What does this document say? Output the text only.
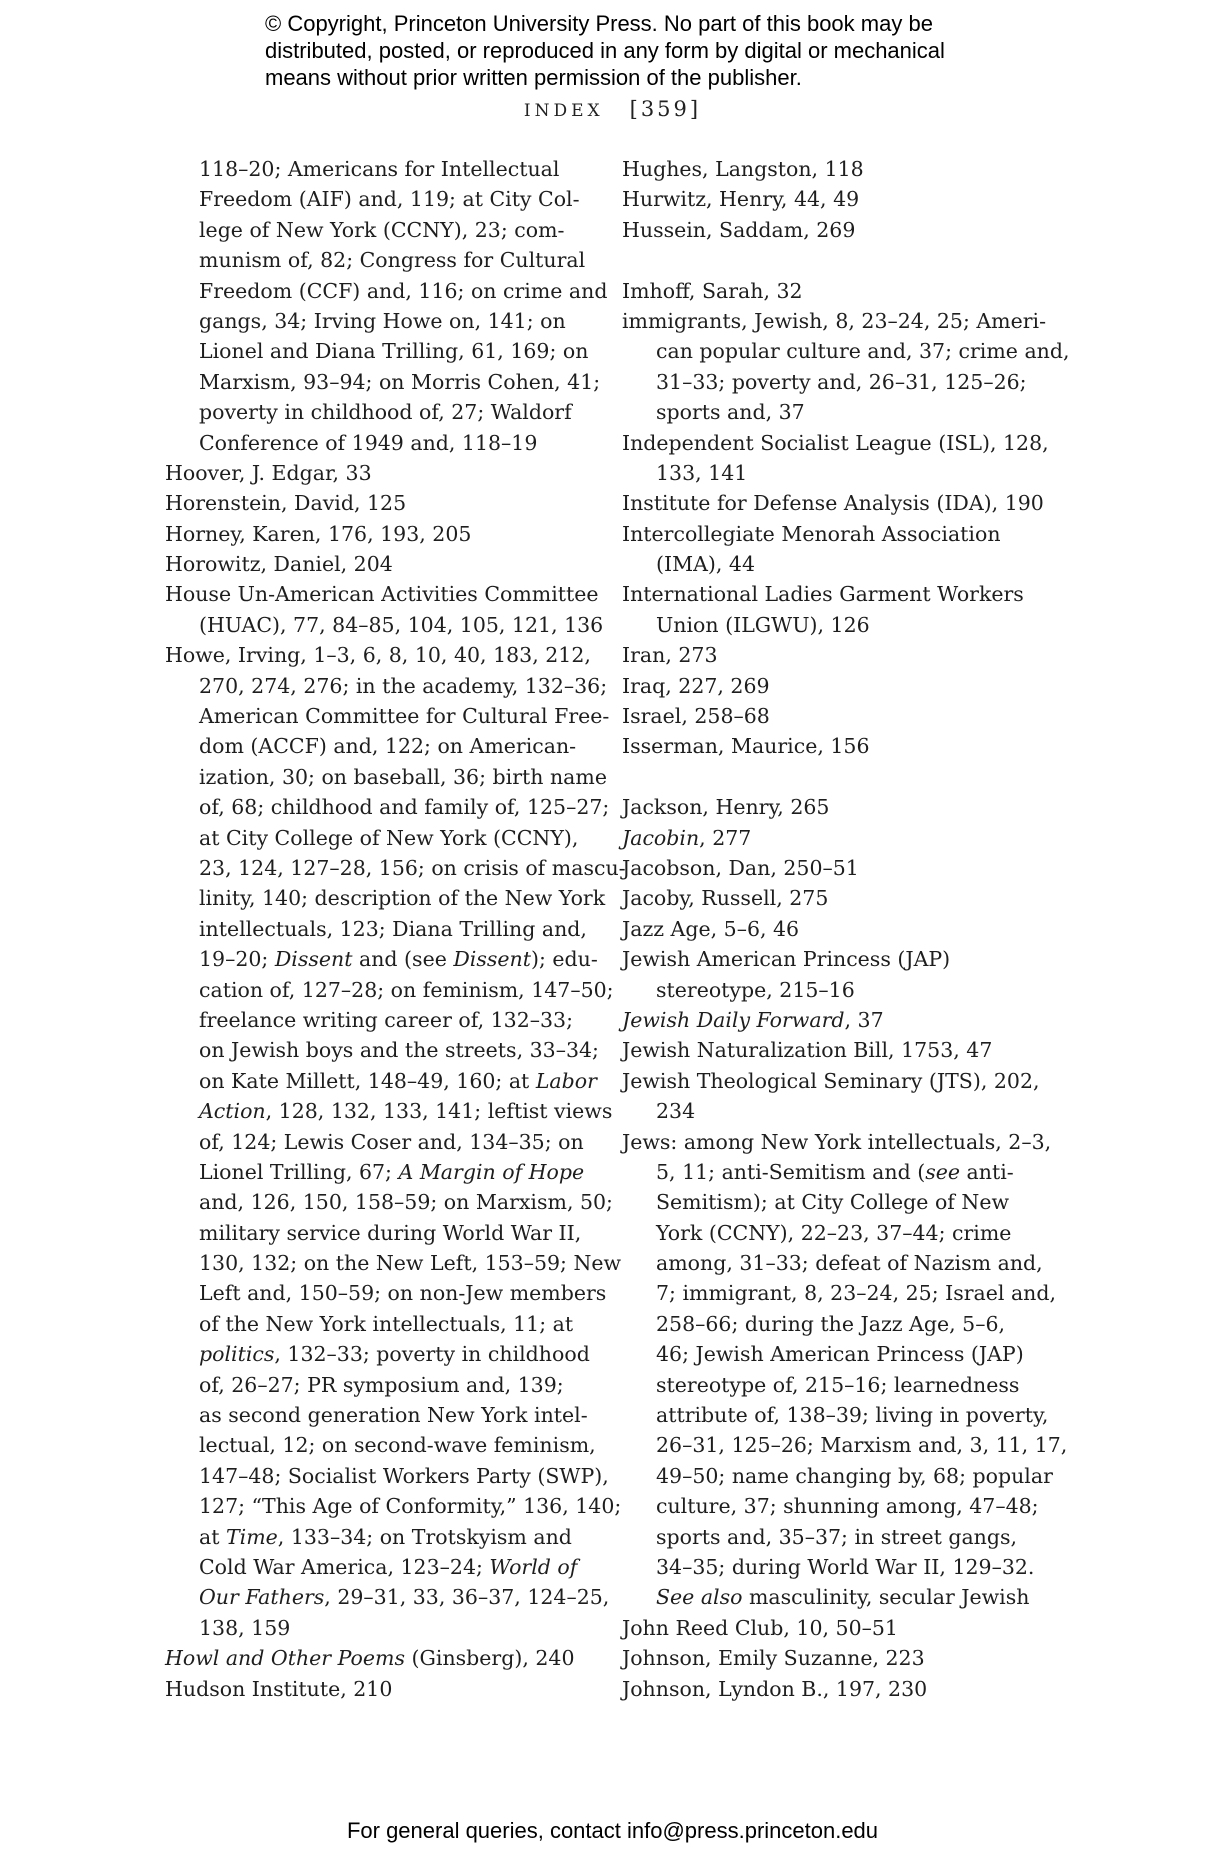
© Copyright, Princeton University Press. No part of this book may be
distributed, posted, or reproduced in any form by digital or mechanical
means without prior written permission of the publisher.
INDEX [359]
118–20; Americans for Intellectual
Freedom (AIF) and, 119; at City Col-
lege of New York (CCNY), 23; com-
munism of, 82; Congress for Cultural
Freedom (CCF) and, 116; on crime and
gangs, 34; Irving Howe on, 141; on
Lionel and Diana Trilling, 61, 169; on
Marxism, 93–94; on Morris Cohen, 41;
poverty in childhood of, 27; Waldorf
Conference of 1949 and, 118–19
Hoover, J. Edgar, 33
Horenstein, David, 125
Horney, Karen, 176, 193, 205
Horowitz, Daniel, 204
House Un-American Activities Committee
(HUAC), 77, 84–85, 104, 105, 121, 136
Howe, Irving, 1–3, 6, 8, 10, 40, 183, 212,
270, 274, 276; in the academy, 132–36;
American Committee for Cultural Free-
dom (ACCF) and, 122; on American-
ization, 30; on baseball, 36; birth name
of, 68; childhood and family of, 125–27;
at City College of New York (CCNY),
23, 124, 127–28, 156; on crisis of mascu-
linity, 140; description of the New York
intellectuals, 123; Diana Trilling and,
19–20; Dissent and (see Dissent); edu-
cation of, 127–28; on feminism, 147–50;
freelance writing career of, 132–33;
on Jewish boys and the streets, 33–34;
on Kate Millett, 148–49, 160; at Labor
Action, 128, 132, 133, 141; leftist views
of, 124; Lewis Coser and, 134–35; on
Lionel Trilling, 67; A Margin of Hope
and, 126, 150, 158–59; on Marxism, 50;
military service during World War II,
130, 132; on the New Left, 153–59; New
Left and, 150–59; on non-Jew members
of the New York intellectuals, 11; at
politics, 132–33; poverty in childhood
of, 26–27; PR symposium and, 139;
as second generation New York intel-
lectual, 12; on second-wave feminism,
147–48; Socialist Workers Party (SWP),
127; “This Age of Conformity,” 136, 140;
at Time, 133–34; on Trotskyism and
Cold War America, 123–24; World of
Our Fathers, 29–31, 33, 36–37, 124–25,
138, 159
Howl and Other Poems (Ginsberg), 240
Hudson Institute, 210
Hughes, Langston, 118
Hurwitz, Henry, 44, 49
Hussein, Saddam, 269
Imhoff, Sarah, 32
immigrants, Jewish, 8, 23–24, 25; Ameri-
can popular culture and, 37; crime and,
31–33; poverty and, 26–31, 125–26;
sports and, 37
Independent Socialist League (ISL), 128,
133, 141
Institute for Defense Analysis (IDA), 190
Intercollegiate Menorah Association
(IMA), 44
International Ladies Garment Workers
Union (ILGWU), 126
Iran, 273
Iraq, 227, 269
Israel, 258–68
Isserman, Maurice, 156
Jackson, Henry, 265
Jacobin, 277
Jacobson, Dan, 250–51
Jacoby, Russell, 275
Jazz Age, 5–6, 46
Jewish American Princess (JAP)
stereotype, 215–16
Jewish Daily Forward, 37
Jewish Naturalization Bill, 1753, 47
Jewish Theological Seminary (JTS), 202,
234
Jews: among New York intellectuals, 2–3,
5, 11; anti-Semitism and (see anti-
Semitism); at City College of New
York (CCNY), 22–23, 37–44; crime
among, 31–33; defeat of Nazism and,
7; immigrant, 8, 23–24, 25; Israel and,
258–66; during the Jazz Age, 5–6,
46; Jewish American Princess (JAP)
stereotype of, 215–16; learnedness
attribute of, 138–39; living in poverty,
26–31, 125–26; Marxism and, 3, 11, 17,
49–50; name changing by, 68; popular
culture, 37; shunning among, 47–48;
sports and, 35–37; in street gangs,
34–35; during World War II, 129–32.
See also masculinity, secular Jewish
John Reed Club, 10, 50–51
Johnson, Emily Suzanne, 223
Johnson, Lyndon B., 197, 230
For general queries, contact info@press.princeton.edu
